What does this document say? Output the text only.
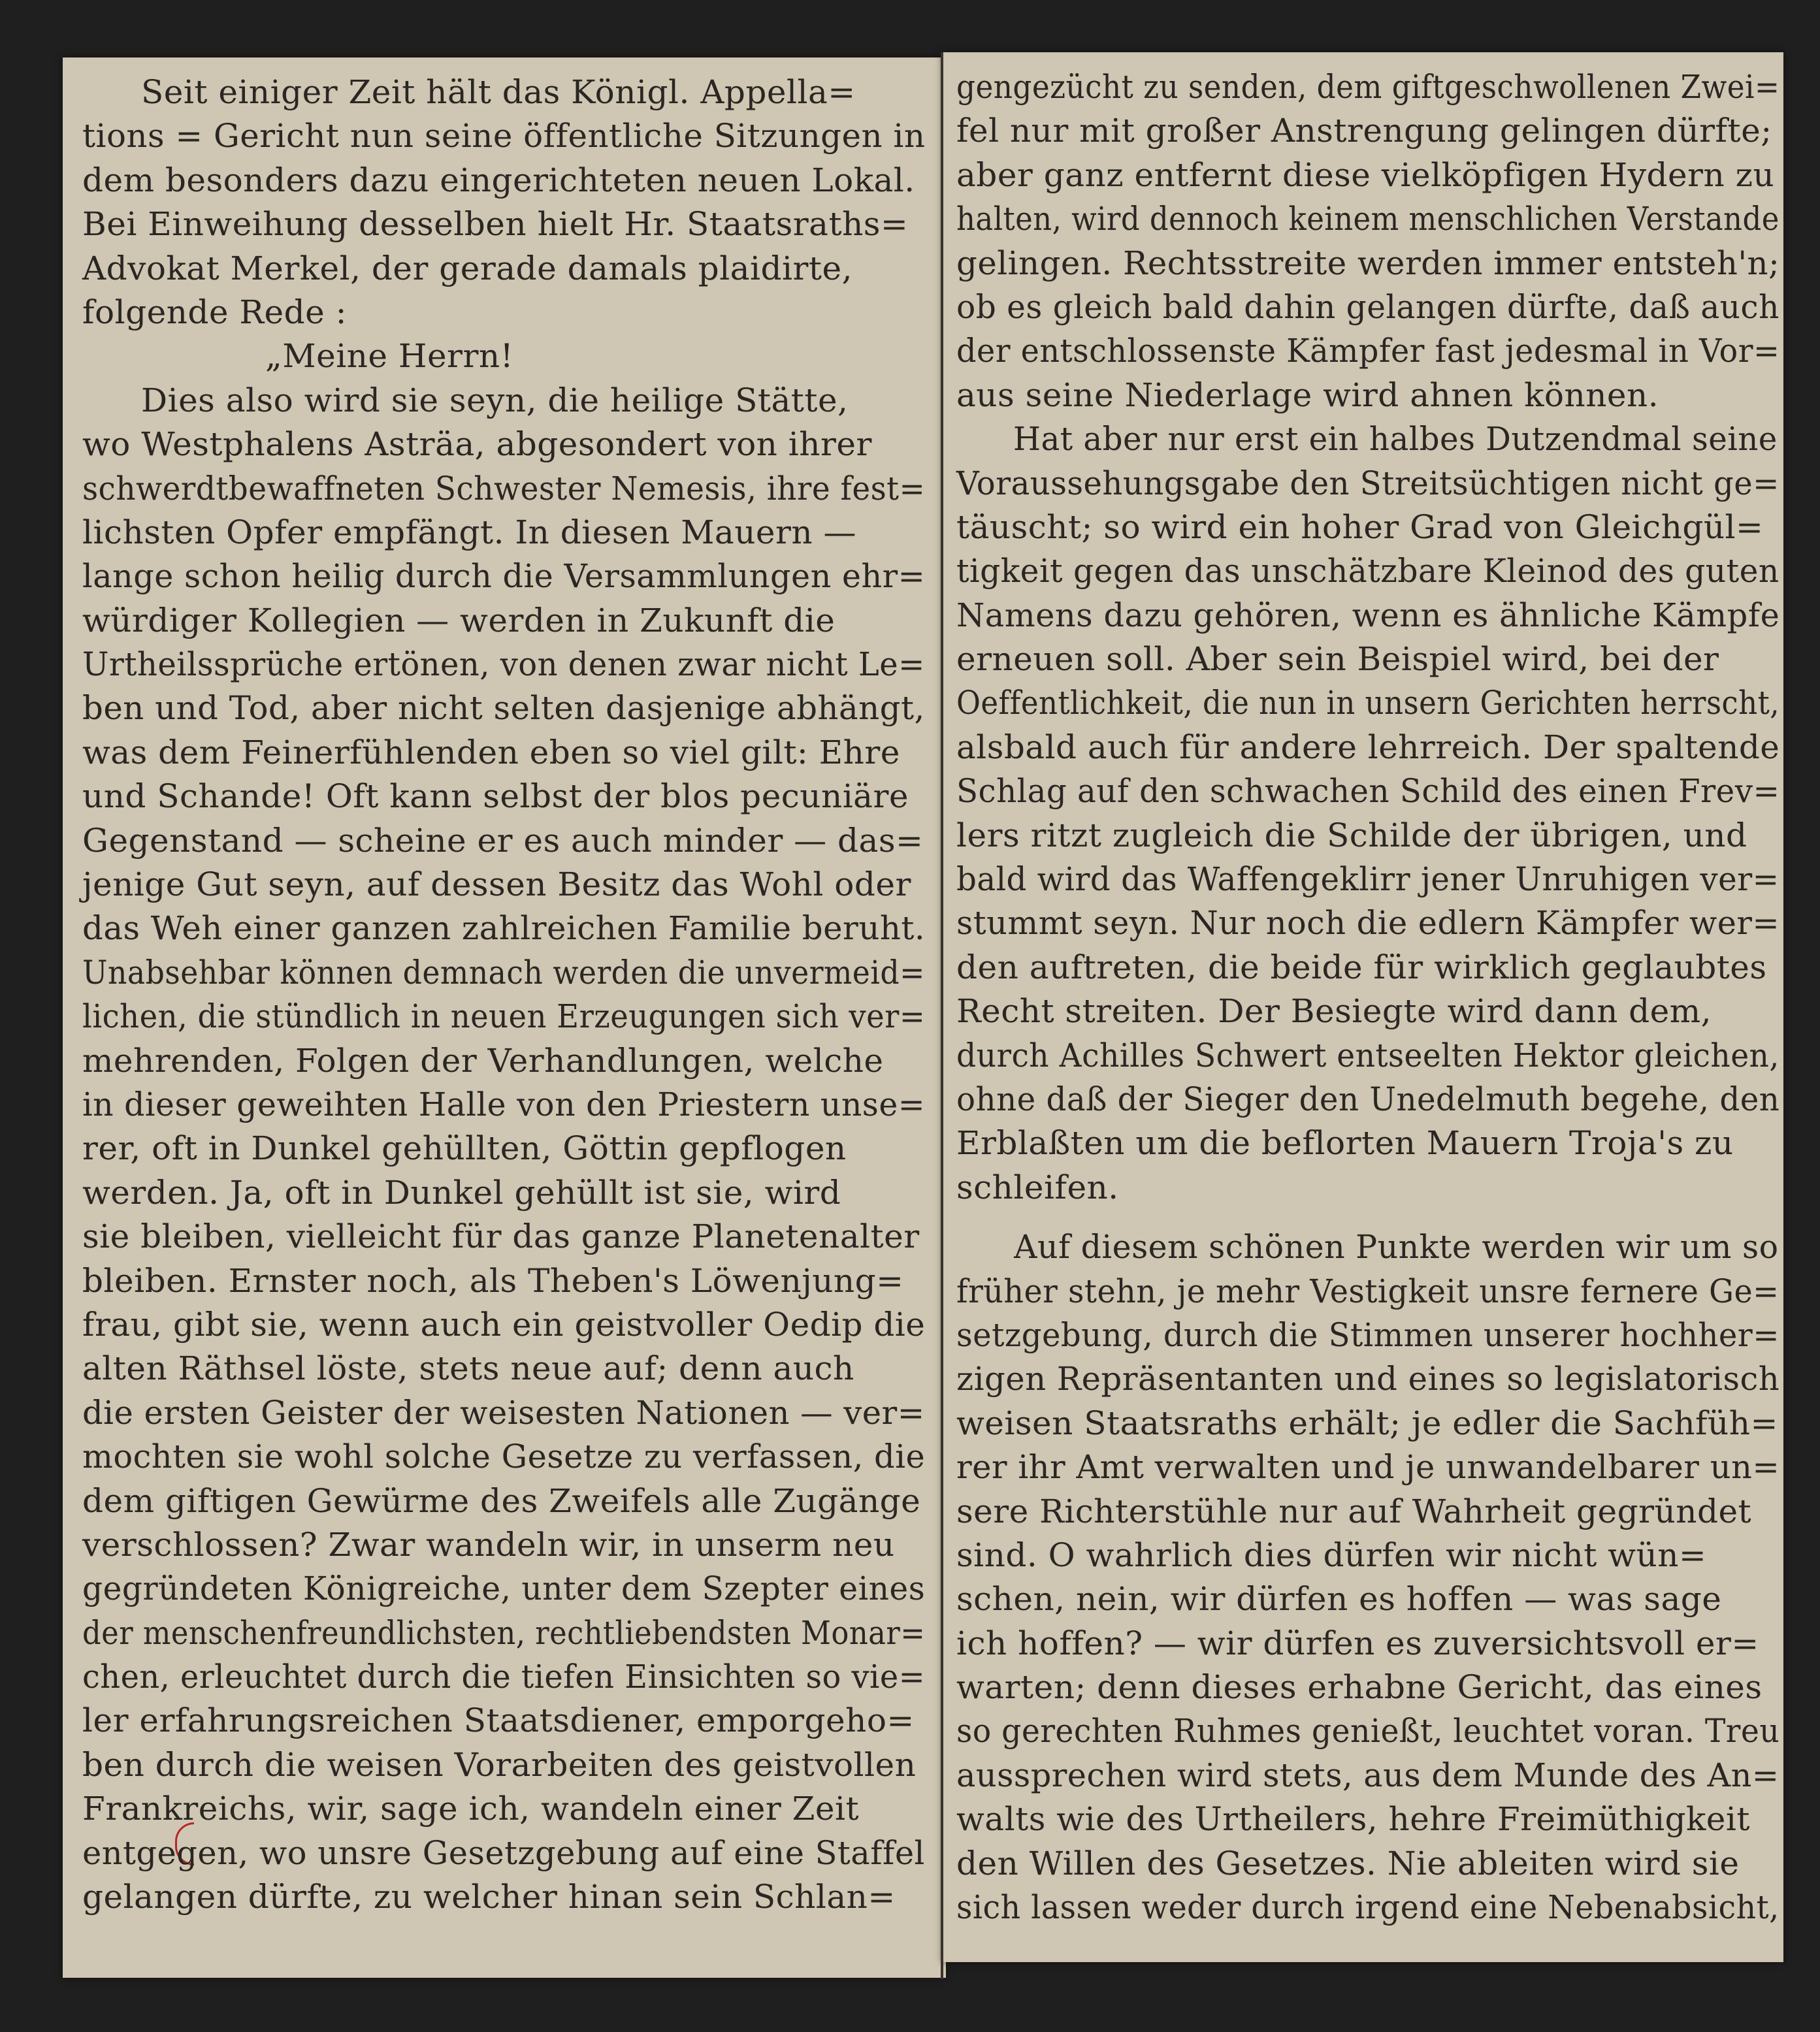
Seit einiger Zeit hält das Königl. Appella=
tions = Gericht nun seine öffentliche Sitzungen in
dem besonders dazu eingerichteten neuen Lokal.
Bei Einweihung desselben hielt Hr. Staatsraths=
Advokat Merkel, der gerade damals plaidirte,
folgende Rede :
„Meine Herrn!
Dies also wird sie seyn, die heilige Stätte,
wo Westphalens Asträa, abgesondert von ihrer
schwerdtbewaffneten Schwester Nemesis, ihre fest=
lichsten Opfer empfängt. In diesen Mauern —
lange schon heilig durch die Versammlungen ehr=
würdiger Kollegien — werden in Zukunft die
Urtheilssprüche ertönen, von denen zwar nicht Le=
ben und Tod, aber nicht selten dasjenige abhängt,
was dem Feinerfühlenden eben so viel gilt: Ehre
und Schande! Oft kann selbst der blos pecuniäre
Gegenstand — scheine er es auch minder — das=
jenige Gut seyn, auf dessen Besitz das Wohl oder
das Weh einer ganzen zahlreichen Familie beruht.
Unabsehbar können demnach werden die unvermeid=
lichen, die stündlich in neuen Erzeugungen sich ver=
mehrenden, Folgen der Verhandlungen, welche
in dieser geweihten Halle von den Priestern unse=
rer, oft in Dunkel gehüllten, Göttin gepflogen
werden. Ja, oft in Dunkel gehüllt ist sie, wird
sie bleiben, vielleicht für das ganze Planetenalter
bleiben. Ernster noch, als Theben's Löwenjung=
frau, gibt sie, wenn auch ein geistvoller Oedip die
alten Räthsel löste, stets neue auf; denn auch
die ersten Geister der weisesten Nationen — ver=
mochten sie wohl solche Gesetze zu verfassen, die
dem giftigen Gewürme des Zweifels alle Zugänge
verschlossen? Zwar wandeln wir, in unserm neu
gegründeten Königreiche, unter dem Szepter eines
der menschenfreundlichsten, rechtliebendsten Monar=
chen, erleuchtet durch die tiefen Einsichten so vie=
ler erfahrungsreichen Staatsdiener, emporgeho=
ben durch die weisen Vorarbeiten des geistvollen
Frankreichs, wir, sage ich, wandeln einer Zeit
entgegen, wo unsre Gesetzgebung auf eine Staffel
gelangen dürfte, zu welcher hinan sein Schlan=
gengezücht zu senden, dem giftgeschwollenen Zwei=
fel nur mit großer Anstrengung gelingen dürfte;
aber ganz entfernt diese vielköpfigen Hydern zu
halten, wird dennoch keinem menschlichen Verstande
gelingen. Rechtsstreite werden immer entsteh'n;
ob es gleich bald dahin gelangen dürfte, daß auch
der entschlossenste Kämpfer fast jedesmal in Vor=
aus seine Niederlage wird ahnen können.
Hat aber nur erst ein halbes Dutzendmal seine
Voraussehungsgabe den Streitsüchtigen nicht ge=
täuscht; so wird ein hoher Grad von Gleichgül=
tigkeit gegen das unschätzbare Kleinod des guten
Namens dazu gehören, wenn es ähnliche Kämpfe
erneuen soll. Aber sein Beispiel wird, bei der
Oeffentlichkeit, die nun in unsern Gerichten herrscht,
alsbald auch für andere lehrreich. Der spaltende
Schlag auf den schwachen Schild des einen Frev=
lers ritzt zugleich die Schilde der übrigen, und
bald wird das Waffengeklirr jener Unruhigen ver=
stummt seyn. Nur noch die edlern Kämpfer wer=
den auftreten, die beide für wirklich geglaubtes
Recht streiten. Der Besiegte wird dann dem,
durch Achilles Schwert entseelten Hektor gleichen,
ohne daß der Sieger den Unedelmuth begehe, den
Erblaßten um die beflorten Mauern Troja's zu
schleifen.
Auf diesem schönen Punkte werden wir um so
früher stehn, je mehr Vestigkeit unsre fernere Ge=
setzgebung, durch die Stimmen unserer hochher=
zigen Repräsentanten und eines so legislatorisch
weisen Staatsraths erhält; je edler die Sachfüh=
rer ihr Amt verwalten und je unwandelbarer un=
sere Richterstühle nur auf Wahrheit gegründet
sind. O wahrlich dies dürfen wir nicht wün=
schen, nein, wir dürfen es hoffen — was sage
ich hoffen? — wir dürfen es zuversichtsvoll er=
warten; denn dieses erhabne Gericht, das eines
so gerechten Ruhmes genießt, leuchtet voran. Treu
aussprechen wird stets, aus dem Munde des An=
walts wie des Urtheilers, hehre Freimüthigkeit
den Willen des Gesetzes. Nie ableiten wird sie
sich lassen weder durch irgend eine Nebenabsicht,
